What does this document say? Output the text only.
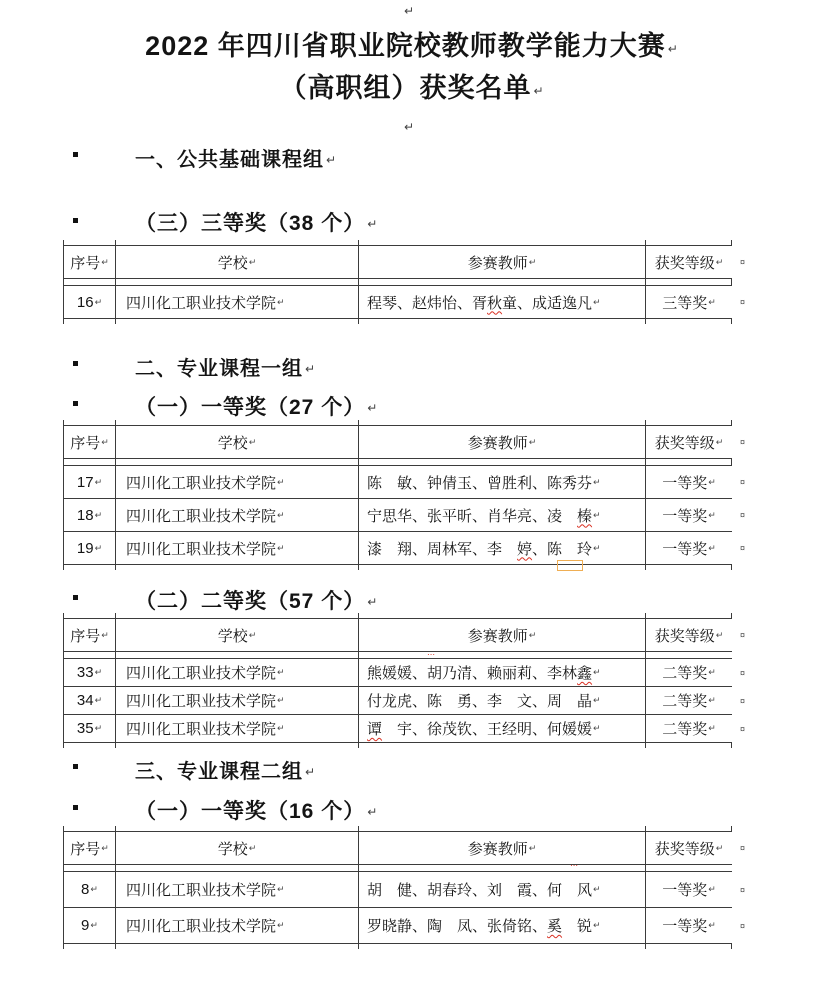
↵
↵
2022 年四川省职业院校教师教学能力大赛 ↵
（高职组）获奖名单 ↵
一、公共基础课程组 ↵
（三）三等奖（38 个） ↵
序号 ↵	学校 ↵	参赛教师 ↵	获奖等级 ↵ ¤
16 ↵ 四川化工职业技术学院 ↵	程琴、赵炜怡、胥 秋 童、成适逸凡 ↵	三等奖 ↵	¤
二、专业课程一组 ↵
（一）一等奖（27 个） ↵
序号 ↵	学校 ↵	参赛教师 ↵	获奖等级 ↵ ¤
17 ↵ 四川化工职业技术学院 ↵	陈　敏、钟倩玉、曾胜利、陈秀芬 ↵	一等奖 ↵	¤
18 ↵ 四川化工职业技术学院 ↵	宁思华、张平昕、肖华亮、凌　 榛 ↵	一等奖 ↵	¤
19 ↵ 四川化工职业技术学院 ↵	漆　翔、周林军、李　 婷 、陈　玲 ↵	一等奖 ↵	¤
（二）二等奖（57 个） ↵
序号 ↵	学校 ↵	参赛教师 ↵	获奖等级 ↵ ¤
⋯
33 ↵ 四川化工职业技术学院 ↵	熊媛媛、胡乃清、赖丽莉、李林 鑫 ↵	二等奖 ↵	¤
34 ↵ 四川化工职业技术学院 ↵	付龙虎、陈　勇、李　文、周　晶 ↵	二等奖 ↵	¤
35 ↵ 四川化工职业技术学院 ↵	谭 　宇、徐茂钦、王经明、何媛媛 ↵	二等奖 ↵	¤
三、专业课程二组 ↵
（一）一等奖（16 个） ↵
序号 ↵	学校 ↵	参赛教师 ↵	获奖等级 ↵ ¤
⋯
8 ↵ 四川化工职业技术学院 ↵	胡　健、胡春玲、刘　霞、何　风 ↵	一等奖 ↵	¤
9 ↵ 四川化工职业技术学院 ↵	罗晓静、陶　凤、张倚铭、 奚 　锐 ↵	一等奖 ↵	¤
